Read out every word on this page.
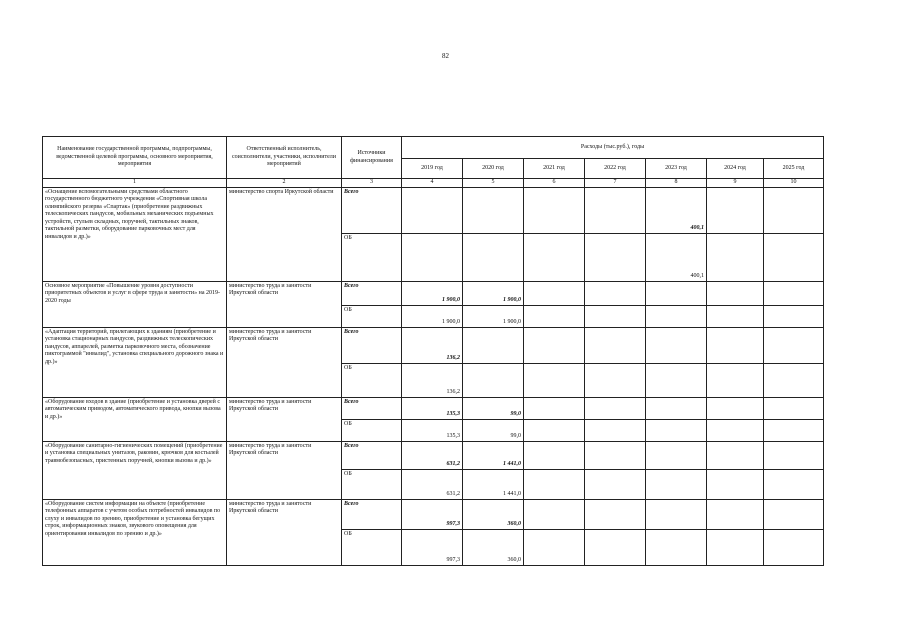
82
Наименование государственной программы, подпрограммы, ведомственной целевой программы, основного мероприятия, мероприятия	Ответственный исполнитель, соисполнители, участники, исполнители мероприятий	Источники финансирования	Расходы (тыс.руб.), годы						
			2019 год	2020 год	2021 год	2022 год	2023 год	2024 год	2025 год
1	2	3	4	5	6	7	8	9	10
«Оснащение вспомогательными средствами областного государственного бюджетного учреждения «Спортивная школа олимпийского резерва «Спартак» (приобретение раздвижных телескопических пандусов, мобильных механических подъемных устройств, стульев складных, поручней, тактильных знаков, тактильной разметки, оборудование парковочных мест для инвалидов и др.)»	министерство спорта Иркутской области	Всего					400,1		
		ОБ					400,1		
Основное мероприятие «Повышение уровня доступности приоритетных объектов и услуг в сфере труда и занятости» на 2019-2020 годы	министерство труда и занятости Иркутской области	Всего	1 900,0	1 900,0					
		ОБ	1 900,0	1 900,0					
«Адаптация территорий, прилегающих к зданиям (приобретение и установка стационарных пандусов, раздвижных телескопических пандусов, аппарелей, разметка парковочного места, обозначение пиктограммой "инвалид", установка специального дорожного знака и др.)»	министерство труда и занятости Иркутской области	Всего	136,2						
		ОБ	136,2						
«Оборудование входов в здание (приобретение и установка дверей с автоматическим приводом, автоматического привода, кнопки вызова и др.)»	министерство труда и занятости Иркутской области	Всего	135,3	99,0					
		ОБ	135,3	99,0					
«Оборудование санитарно-гигиенических помещений (приобретение и установка специальных унитазов, раковин, крючков для костылей травмобезопасных, пристенных поручней, кнопки вызова и др.)»	министерство труда и занятости Иркутской области	Всего	631,2	1 441,0					
		ОБ	631,2	1 441,0					
«Оборудование систем информации на объекте (приобретение телефонных аппаратов с учетом особых потребностей инвалидов по слуху и инвалидов по зрению, приобретение и установка бегущих строк, информационных знаков, звукового оповещения для ориентирования инвалидов по зрению и др.)»	министерство труда и занятости Иркутской области	Всего	997,3	360,0					
		ОБ	997,3	360,0					
